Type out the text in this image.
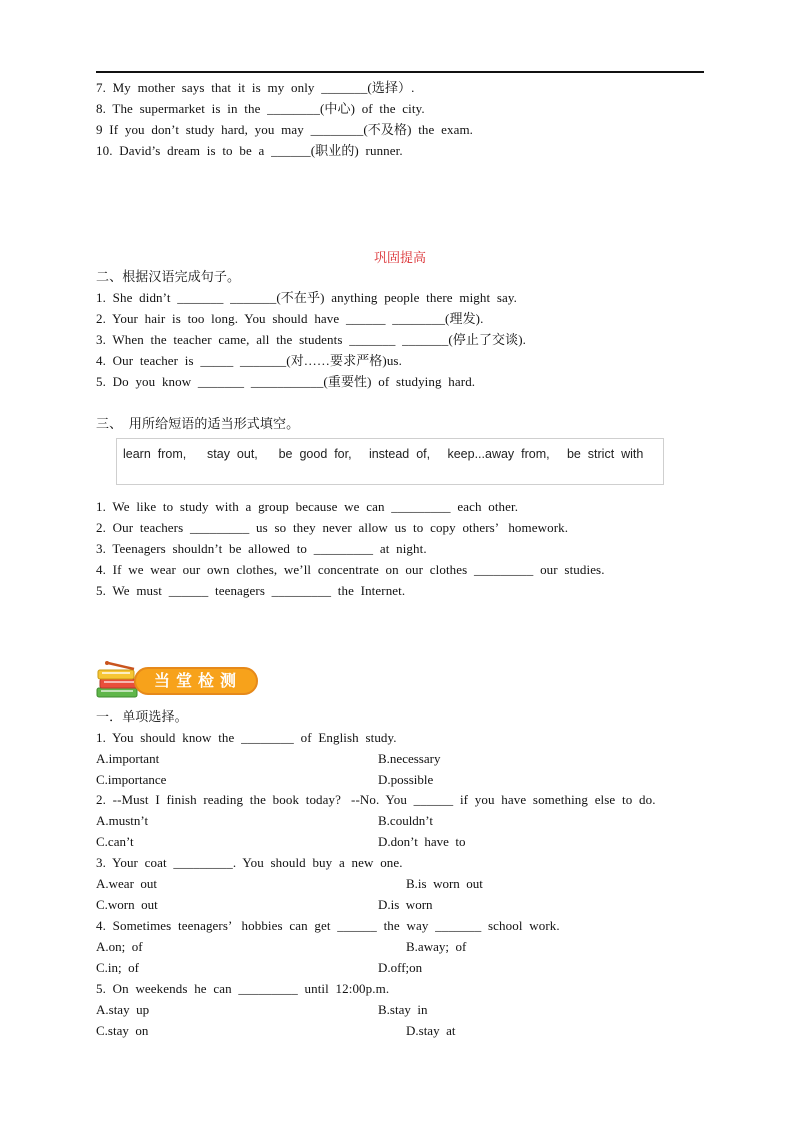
7.  My  mother  says  that  it  is  my  only  _______(选择）.
8.  The  supermarket  is  in  the  ________(中心)  of  the  city.
9  If  you  don’t  study  hard,  you  may  ________(不及格)  the  exam.
10.  David’s  dream  is  to  be  a  ______(职业的)  runner.
巩固提高
二、根据汉语完成句子。
1.  She  didn’t  _______  _______(不在乎)  anything  people  there  might  say.
2.  Your  hair  is  too  long.  You  should  have  ______  ________(理发).
3.  When  the  teacher  came,  all  the  students  _______  _______(停止了交谈).
4.  Our  teacher  is  _____  _______(对……要求严格)us.
5.  Do  you  know  _______  ___________(重要性)  of  studying  hard.
三、  用所给短语的适当形式填空。
learn  from,      stay  out,      be  good  for,     instead  of,     keep...away  from,     be  strict  with
1.  We  like  to  study  with  a  group  because  we  can  _________  each  other.
2.  Our  teachers  _________  us  so  they  never  allow  us  to  copy  others’   homework.
3.  Teenagers  shouldn’t  be  allowed  to  _________  at  night.
4.  If  we  wear  our  own  clothes,  we’ll  concentrate  on  our  clothes  _________  our  studies.
5.  We  must  ______  teenagers  _________  the  Internet.
当堂检测
一．单项选择。
1.  You  should  know  the  ________  of  English  study.
A.important	B.necessary
C.importance	D.possible
2.  --Must  I  finish  reading  the  book  today?   --No.  You  ______  if  you  have  something  else  to  do.
A.mustn’t	B.couldn’t
C.can’t	D.don’t  have  to
3.  Your  coat  _________.  You  should  buy  a  new  one.
A.wear  out	B.is  worn  out
C.worn  out	D.is  worn
4.  Sometimes  teenagers’   hobbies  can  get  ______  the  way  _______  school  work.
A.on;  of	B.away;  of
C.in;  of	D.off;on
5.  On  weekends  he  can  _________  until  12:00p.m.
A.stay  up	B.stay  in
C.stay  on	D.stay  at
